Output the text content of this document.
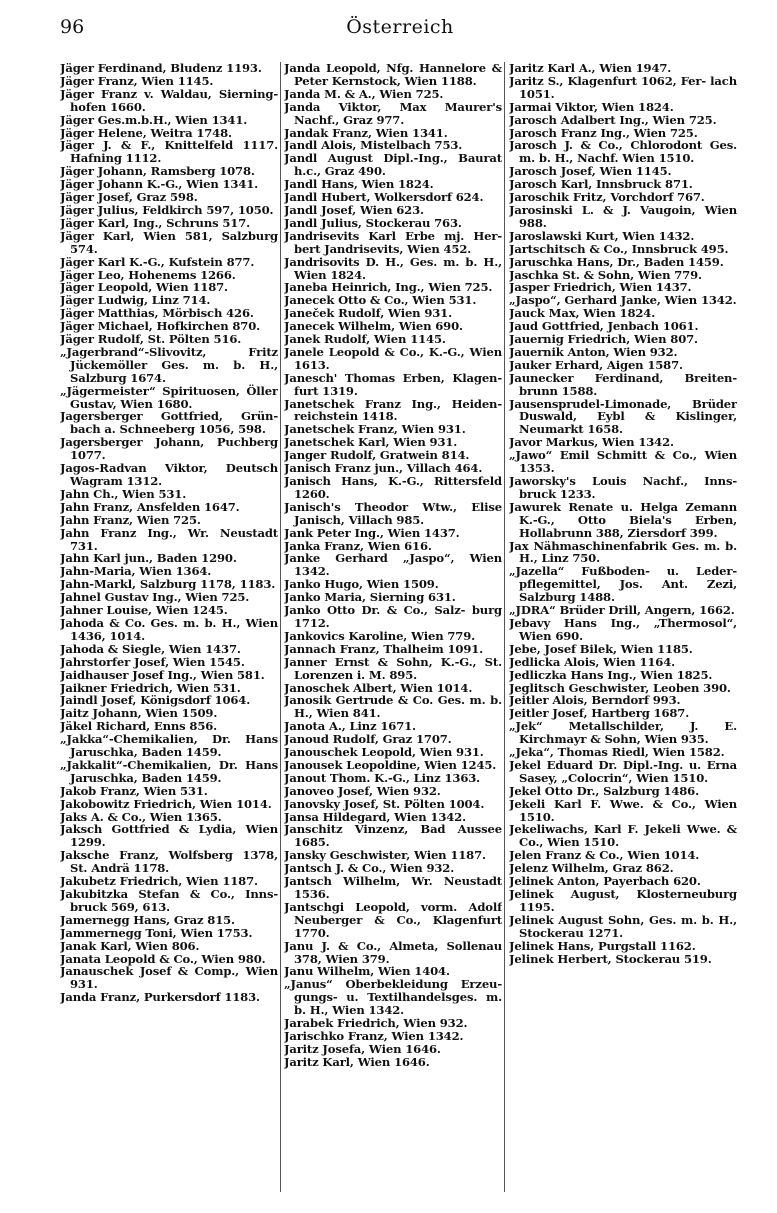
Österreich
96
Jäger Ferdinand, Bludenz 1193.
Jäger Franz, Wien 1145.
Jäger Franz v. Waldau, Sierning- hofen 1660.
Jäger Ges.m.b.H., Wien 1341.
Jäger Helene, Weitra 1748.
Jäger J. & F., Knittelfeld 1117. Hafning 1112.
Jäger Johann, Ramsberg 1078.
Jäger Johann K.-G., Wien 1341.
Jäger Josef, Graz 598.
Jäger Julius, Feldkirch 597, 1050.
Jäger Karl, Ing., Schruns 517.
Jäger Karl, Wien 581, Salzburg 574.
Jäger Karl K.-G., Kufstein 877.
Jäger Leo, Hohenems 1266.
Jäger Leopold, Wien 1187.
Jäger Ludwig, Linz 714.
Jäger Matthias, Mörbisch 426.
Jäger Michael, Hofkirchen 870.
Jäger Rudolf, St. Pölten 516.
„Jagerbrand“-Slivovitz, Fritz Jückemöller Ges. m. b. H., Salzburg 1674.
„Jägermeister“ Spirituosen, Öller Gustav, Wien 1680.
Jagersberger Gottfried, Grün- bach a. Schneeberg 1056, 598.
Jagersberger Johann, Puchberg 1077.
Jagos-Radvan Viktor, Deutsch Wagram 1312.
Jahn Ch., Wien 531.
Jahn Franz, Ansfelden 1647.
Jahn Franz, Wien 725.
Jahn Franz Ing., Wr. Neustadt 731.
Jahn Karl jun., Baden 1290.
Jahn-Maria, Wien 1364.
Jahn-Markl, Salzburg 1178, 1183.
Jahnel Gustav Ing., Wien 725.
Jahner Louise, Wien 1245.
Jahoda & Co. Ges. m. b. H., Wien 1436, 1014.
Jahoda & Siegle, Wien 1437.
Jahrstorfer Josef, Wien 1545.
Jaidhauser Josef Ing., Wien 581.
Jaikner Friedrich, Wien 531.
Jaindl Josef, Königsdorf 1064.
Jaitz Johann, Wien 1509.
Jäkel Richard, Enns 856.
„Jakka“-Chemikalien, Dr. Hans Jaruschka, Baden 1459.
„Jakkalit“-Chemikalien, Dr. Hans Jaruschka, Baden 1459.
Jakob Franz, Wien 531.
Jakobowitz Friedrich, Wien 1014.
Jaks A. & Co., Wien 1365.
Jaksch Gottfried & Lydia, Wien 1299.
Jaksche Franz, Wolfsberg 1378, St. Andrä 1178.
Jakubetz Friedrich, Wien 1187.
Jakubitzka Stefan & Co., Inns- bruck 569, 613.
Jamernegg Hans, Graz 815.
Jammernegg Toni, Wien 1753.
Janak Karl, Wien 806.
Janata Leopold & Co., Wien 980.
Janauschek Josef & Comp., Wien 931.
Janda Franz, Purkersdorf 1183.
Janda Leopold, Nfg. Hannelore & Peter Kernstock, Wien 1188.
Janda M. & A., Wien 725.
Janda Viktor, Max Maurer's Nachf., Graz 977.
Jandak Franz, Wien 1341.
Jandl Alois, Mistelbach 753.
Jandl August Dipl.-Ing., Baurat h.c., Graz 490.
Jandl Hans, Wien 1824.
Jandl Hubert, Wolkersdorf 624.
Jandl Josef, Wien 623.
Jandl Julius, Stockerau 763.
Jandrisevits Karl Erbe mj. Her- bert Jandrisevits, Wien 452.
Jandrisovits D. H., Ges. m. b. H., Wien 1824.
Janeba Heinrich, Ing., Wien 725.
Janecek Otto & Co., Wien 531.
Janeček Rudolf, Wien 931.
Janecek Wilhelm, Wien 690.
Janek Rudolf, Wien 1145.
Janele Leopold & Co., K.-G., Wien 1613.
Janesch' Thomas Erben, Klagen- furt 1319.
Janetschek Franz Ing., Heiden- reichstein 1418.
Janetschek Franz, Wien 931.
Janetschek Karl, Wien 931.
Janger Rudolf, Gratwein 814.
Janisch Franz jun., Villach 464.
Janisch Hans, K.-G., Rittersfeld 1260.
Janisch's Theodor Wtw., Elise Janisch, Villach 985.
Jank Peter Ing., Wien 1437.
Janka Franz, Wien 616.
Janke Gerhard „Jaspo“, Wien 1342.
Janko Hugo, Wien 1509.
Janko Maria, Sierning 631.
Janko Otto Dr. & Co., Salz- burg 1712.
Jankovics Karoline, Wien 779.
Jannach Franz, Thalheim 1091.
Janner Ernst & Sohn, K.-G., St. Lorenzen i. M. 895.
Janoschek Albert, Wien 1014.
Janosik Gertrude & Co. Ges. m. b. H., Wien 841.
Janota A., Linz 1671.
Janoud Rudolf, Graz 1707.
Janouschek Leopold, Wien 931.
Janousek Leopoldine, Wien 1245.
Janout Thom. K.-G., Linz 1363.
Janoveo Josef, Wien 932.
Janovsky Josef, St. Pölten 1004.
Jansa Hildegard, Wien 1342.
Janschitz Vinzenz, Bad Aussee 1685.
Jansky Geschwister, Wien 1187.
Jantsch J. & Co., Wien 932.
Jantsch Wilhelm, Wr. Neustadt 1536.
Jantschgi Leopold, vorm. Adolf Neuberger & Co., Klagenfurt 1770.
Janu J. & Co., Almeta, Sollenau 378, Wien 379.
Janu Wilhelm, Wien 1404.
„Janus“ Oberbekleidung Erzeu- gungs- u. Textilhandelsges. m. b. H., Wien 1342.
Jarabek Friedrich, Wien 932.
Jarischko Franz, Wien 1342.
Jaritz Josefa, Wien 1646.
Jaritz Karl, Wien 1646.
Jaritz Karl A., Wien 1947.
Jaritz S., Klagenfurt 1062, Fer- lach 1051.
Jarmai Viktor, Wien 1824.
Jarosch Adalbert Ing., Wien 725.
Jarosch Franz Ing., Wien 725.
Jarosch J. & Co., Chlorodont Ges. m. b. H., Nachf. Wien 1510.
Jarosch Josef, Wien 1145.
Jarosch Karl, Innsbruck 871.
Jaroschik Fritz, Vorchdorf 767.
Jarosinski L. & J. Vaugoin, Wien 988.
Jaroslawski Kurt, Wien 1432.
Jartschitsch & Co., Innsbruck 495.
Jaruschka Hans, Dr., Baden 1459.
Jaschka St. & Sohn, Wien 779.
Jasper Friedrich, Wien 1437.
„Jaspo“, Gerhard Janke, Wien 1342.
Jauck Max, Wien 1824.
Jaud Gottfried, Jenbach 1061.
Jauernig Friedrich, Wien 807.
Jauernik Anton, Wien 932.
Jauker Erhard, Aigen 1587.
Jaunecker Ferdinand, Breiten- brunn 1588.
Jausensprudel-Limonade, Brüder Duswald, Eybl & Kislinger, Neumarkt 1658.
Javor Markus, Wien 1342.
„Jawo“ Emil Schmitt & Co., Wien 1353.
Jaworsky's Louis Nachf., Inns- bruck 1233.
Jawurek Renate u. Helga Zemann K.-G., Otto Biela's Erben, Hollabrunn 388, Ziersdorf 399.
Jax Nähmaschinenfabrik Ges. m. b. H., Linz 750.
„Jazella“ Fußboden- u. Leder- pflegemittel, Jos. Ant. Zezi, Salzburg 1488.
„JDRA“ Brüder Drill, Angern, 1662.
Jebavy Hans Ing., „Thermosol“, Wien 690.
Jebe, Josef Bilek, Wien 1185.
Jedlicka Alois, Wien 1164.
Jedliczka Hans Ing., Wien 1825.
Jeglitsch Geschwister, Leoben 390.
Jeitler Alois, Berndorf 993.
Jeitler Josef, Hartberg 1687.
„Jek“ Metallschilder, J. E. Kirchmayr & Sohn, Wien 935.
„Jeka“, Thomas Riedl, Wien 1582.
Jekel Eduard Dr. Dipl.-Ing. u. Erna Sasey, „Colocrin“, Wien 1510.
Jekel Otto Dr., Salzburg 1486.
Jekeli Karl F. Wwe. & Co., Wien 1510.
Jekeliwachs, Karl F. Jekeli Wwe. & Co., Wien 1510.
Jelen Franz & Co., Wien 1014.
Jelenz Wilhelm, Graz 862.
Jelinek Anton, Payerbach 620.
Jelinek August, Klosterneuburg 1195.
Jelinek August Sohn, Ges. m. b. H., Stockerau 1271.
Jelinek Hans, Purgstall 1162.
Jelinek Herbert, Stockerau 519.
